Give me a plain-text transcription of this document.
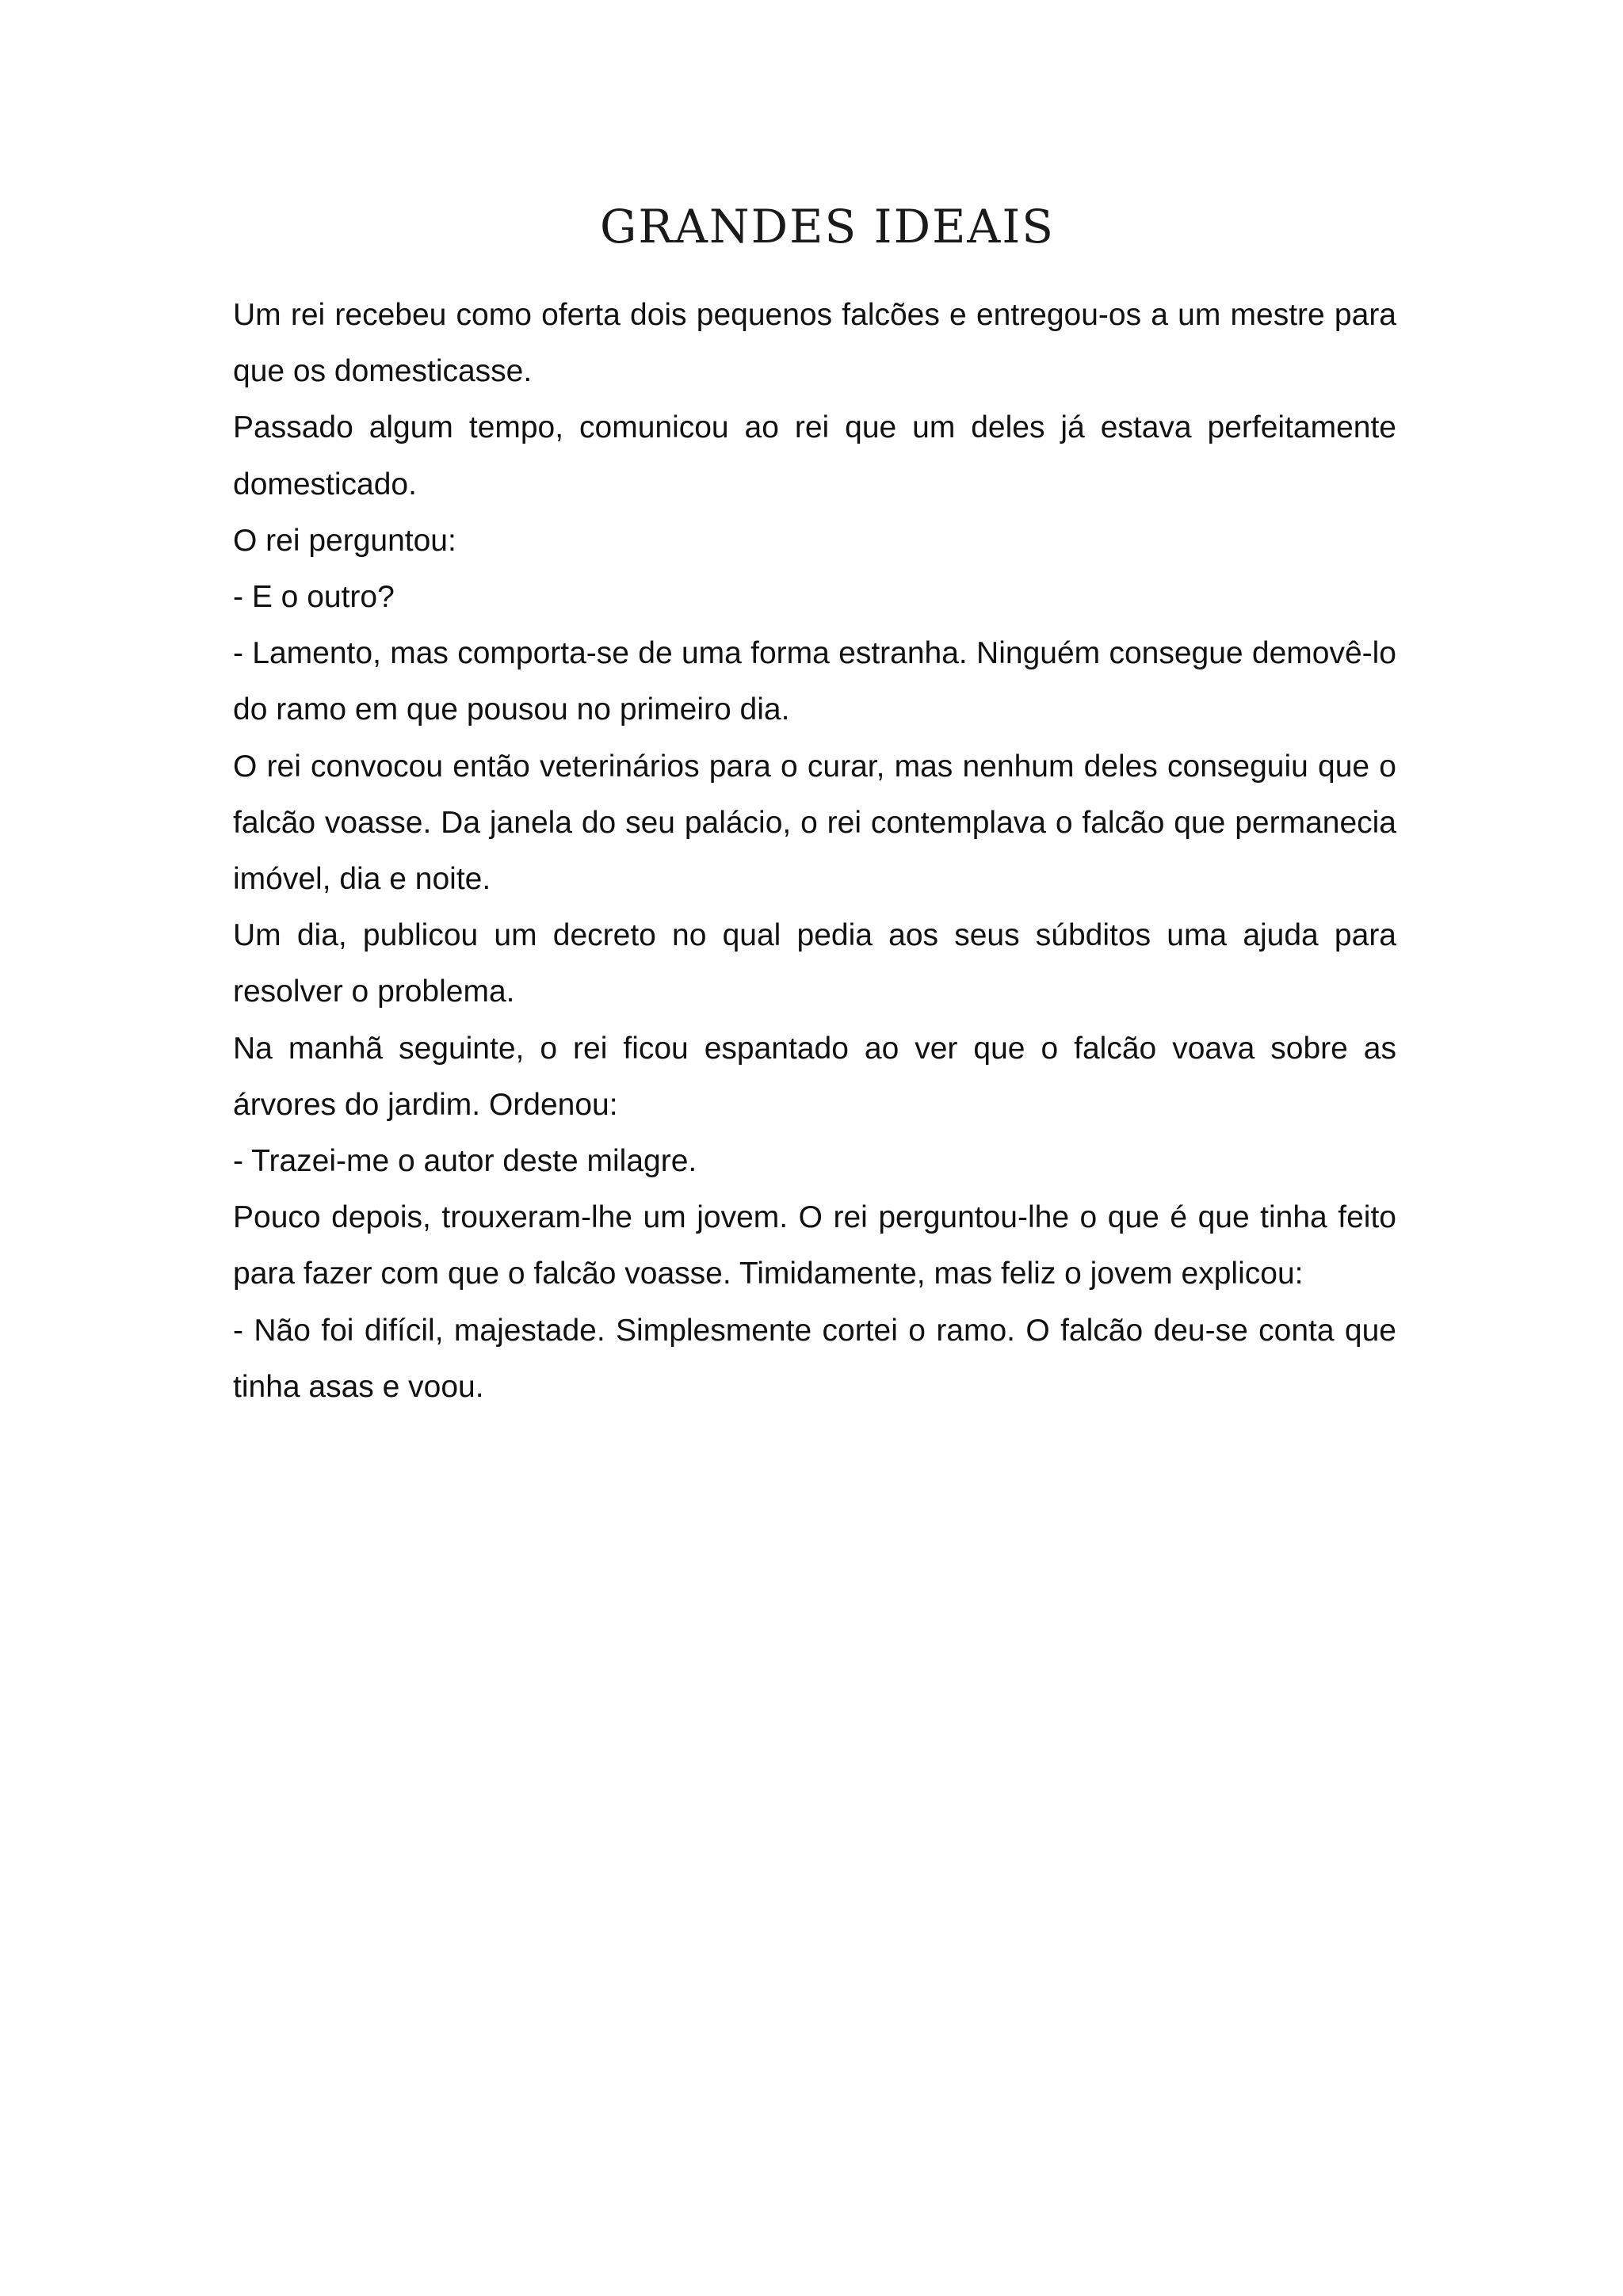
GRANDES IDEAIS

Um rei recebeu como oferta dois pequenos falcões e entregou-os a um mestre para que os domesticasse.

Passado algum tempo, comunicou ao rei que um deles já estava perfeitamente domesticado.

O rei perguntou:

- E o outro?

- Lamento, mas comporta-se de uma forma estranha. Ninguém consegue demovê-lo do ramo em que pousou no primeiro dia.

O rei convocou então veterinários para o curar, mas nenhum deles conseguiu que o falcão voasse. Da janela do seu palácio, o rei contemplava o falcão que permanecia imóvel, dia e noite.

Um dia, publicou um decreto no qual pedia aos seus súbditos uma ajuda para resolver o problema.

Na manhã seguinte, o rei ficou espantado ao ver que o falcão voava sobre as árvores do jardim. Ordenou:

- Trazei-me o autor deste milagre.

Pouco depois, trouxeram-lhe um jovem. O rei perguntou-lhe o que é que tinha feito para fazer com que o falcão voasse. Timidamente, mas feliz o jovem explicou:

- Não foi difícil, majestade. Simplesmente cortei o ramo. O falcão deu-se conta que tinha asas e voou.
